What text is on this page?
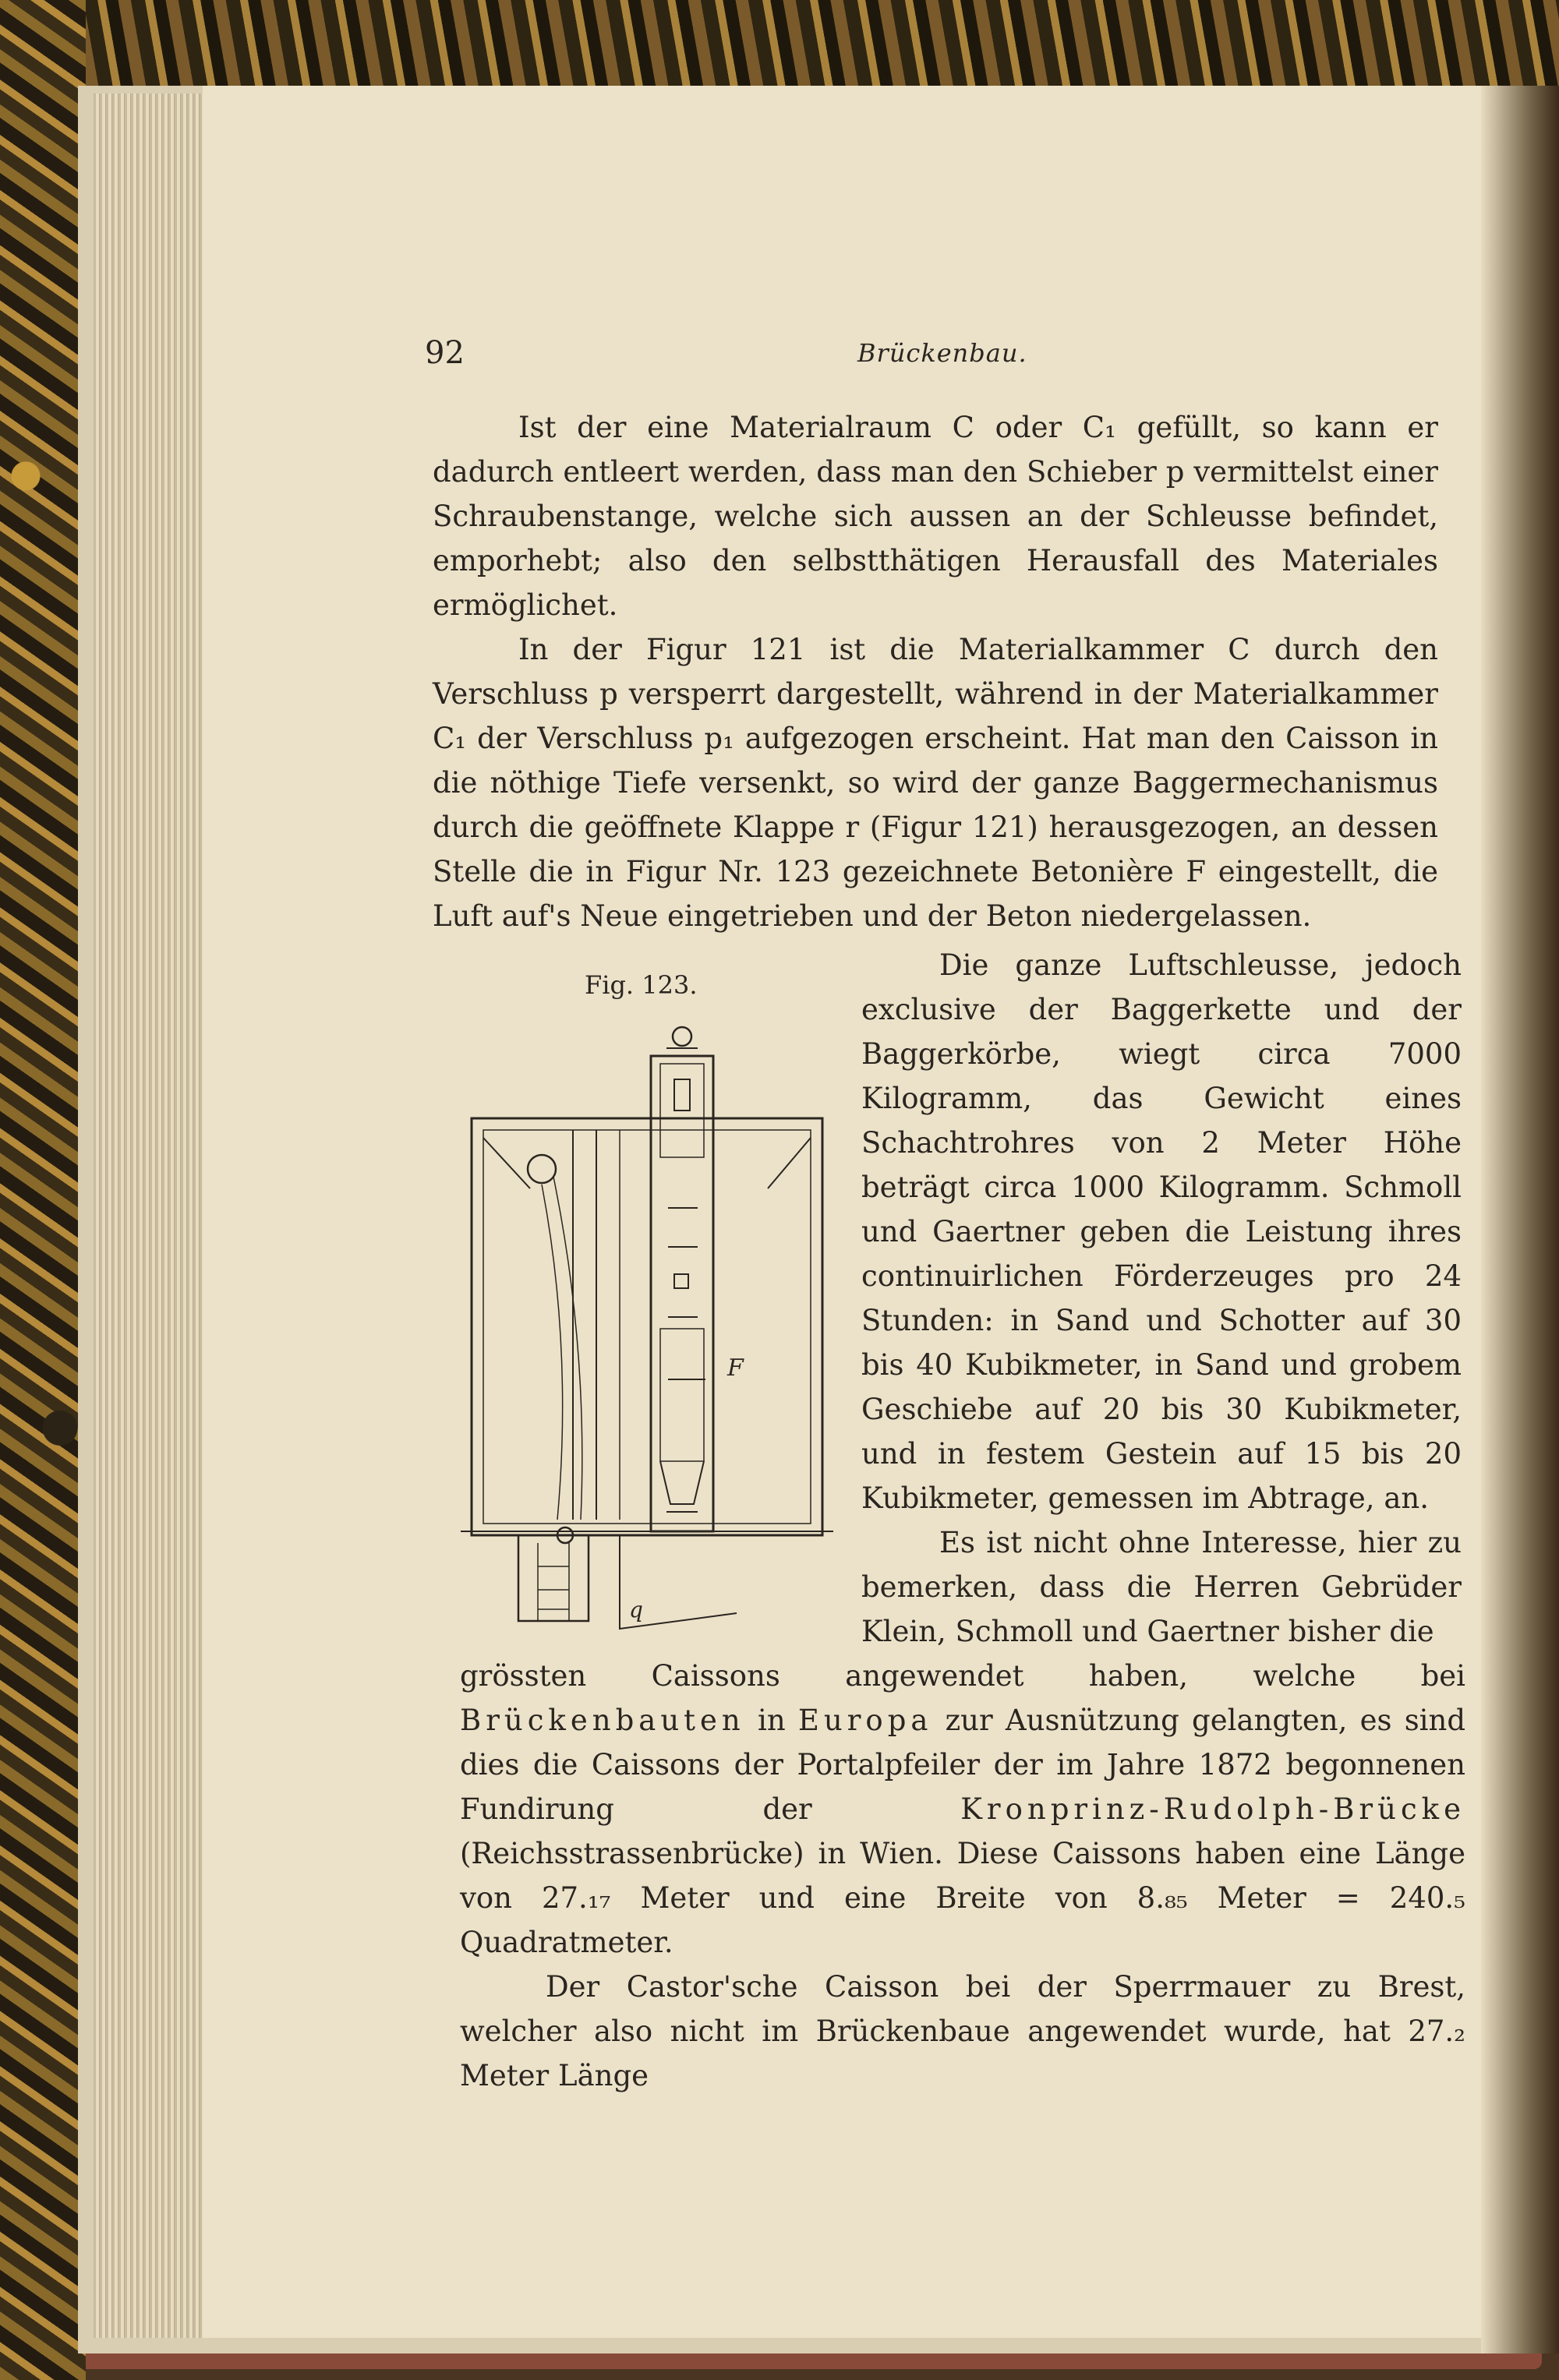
92	Brückenbau.

Ist der eine Materialraum C oder C₁ gefüllt, so kann er dadurch entleert werden, dass man den Schieber p vermittelst einer Schraubenstange, welche sich aussen an der Schleusse befindet, emporhebt; also den selbstthätigen Herausfall des Materiales ermöglichet.

In der Figur 121 ist die Materialkammer C durch den Verschluss p versperrt dargestellt, während in der Materialkammer C₁ der Verschluss p₁ aufgezogen erscheint. Hat man den Caisson in die nöthige Tiefe versenkt, so wird der ganze Baggermechanismus durch die geöffnete Klappe r (Figur 121) herausgezogen, an dessen Stelle die in Figur Nr. 123 gezeichnete Betonière F eingestellt, die Luft auf's Neue eingetrieben und der Beton niedergelassen.

Fig. 123.
F
q

Die ganze Luftschleusse, jedoch exclusive der Baggerkette und der Baggerkörbe, wiegt circa 7000 Kilogramm, das Gewicht eines Schachtrohres von 2 Meter Höhe beträgt circa 1000 Kilogramm. Schmoll und Gaertner geben die Leistung ihres continuirlichen Förderzeuges pro 24 Stunden: in Sand und Schotter auf 30 bis 40 Kubikmeter, in Sand und grobem Geschiebe auf 20 bis 30 Kubikmeter, und in festem Gestein auf 15 bis 20 Kubikmeter, gemessen im Abtrage, an.

Es ist nicht ohne Interesse, hier zu bemerken, dass die Herren Gebrüder Klein, Schmoll und Gaertner bisher die

grössten Caissons angewendet haben, welche bei Brückenbauten in Europa zur Ausnützung gelangten, es sind dies die Caissons der Portalpfeiler der im Jahre 1872 begonnenen Fundirung der	Kronprinz-Rudolph-Brücke (Reichsstrassenbrücke) in Wien. Diese Caissons haben eine Länge von 27.₁₇ Meter und eine Breite von 8.₈₅ Meter = 240.₅ Quadratmeter.

Der Castor'sche Caisson bei der Sperrmauer zu Brest, welcher also nicht im Brückenbaue angewendet wurde, hat 27.₂ Meter Länge
